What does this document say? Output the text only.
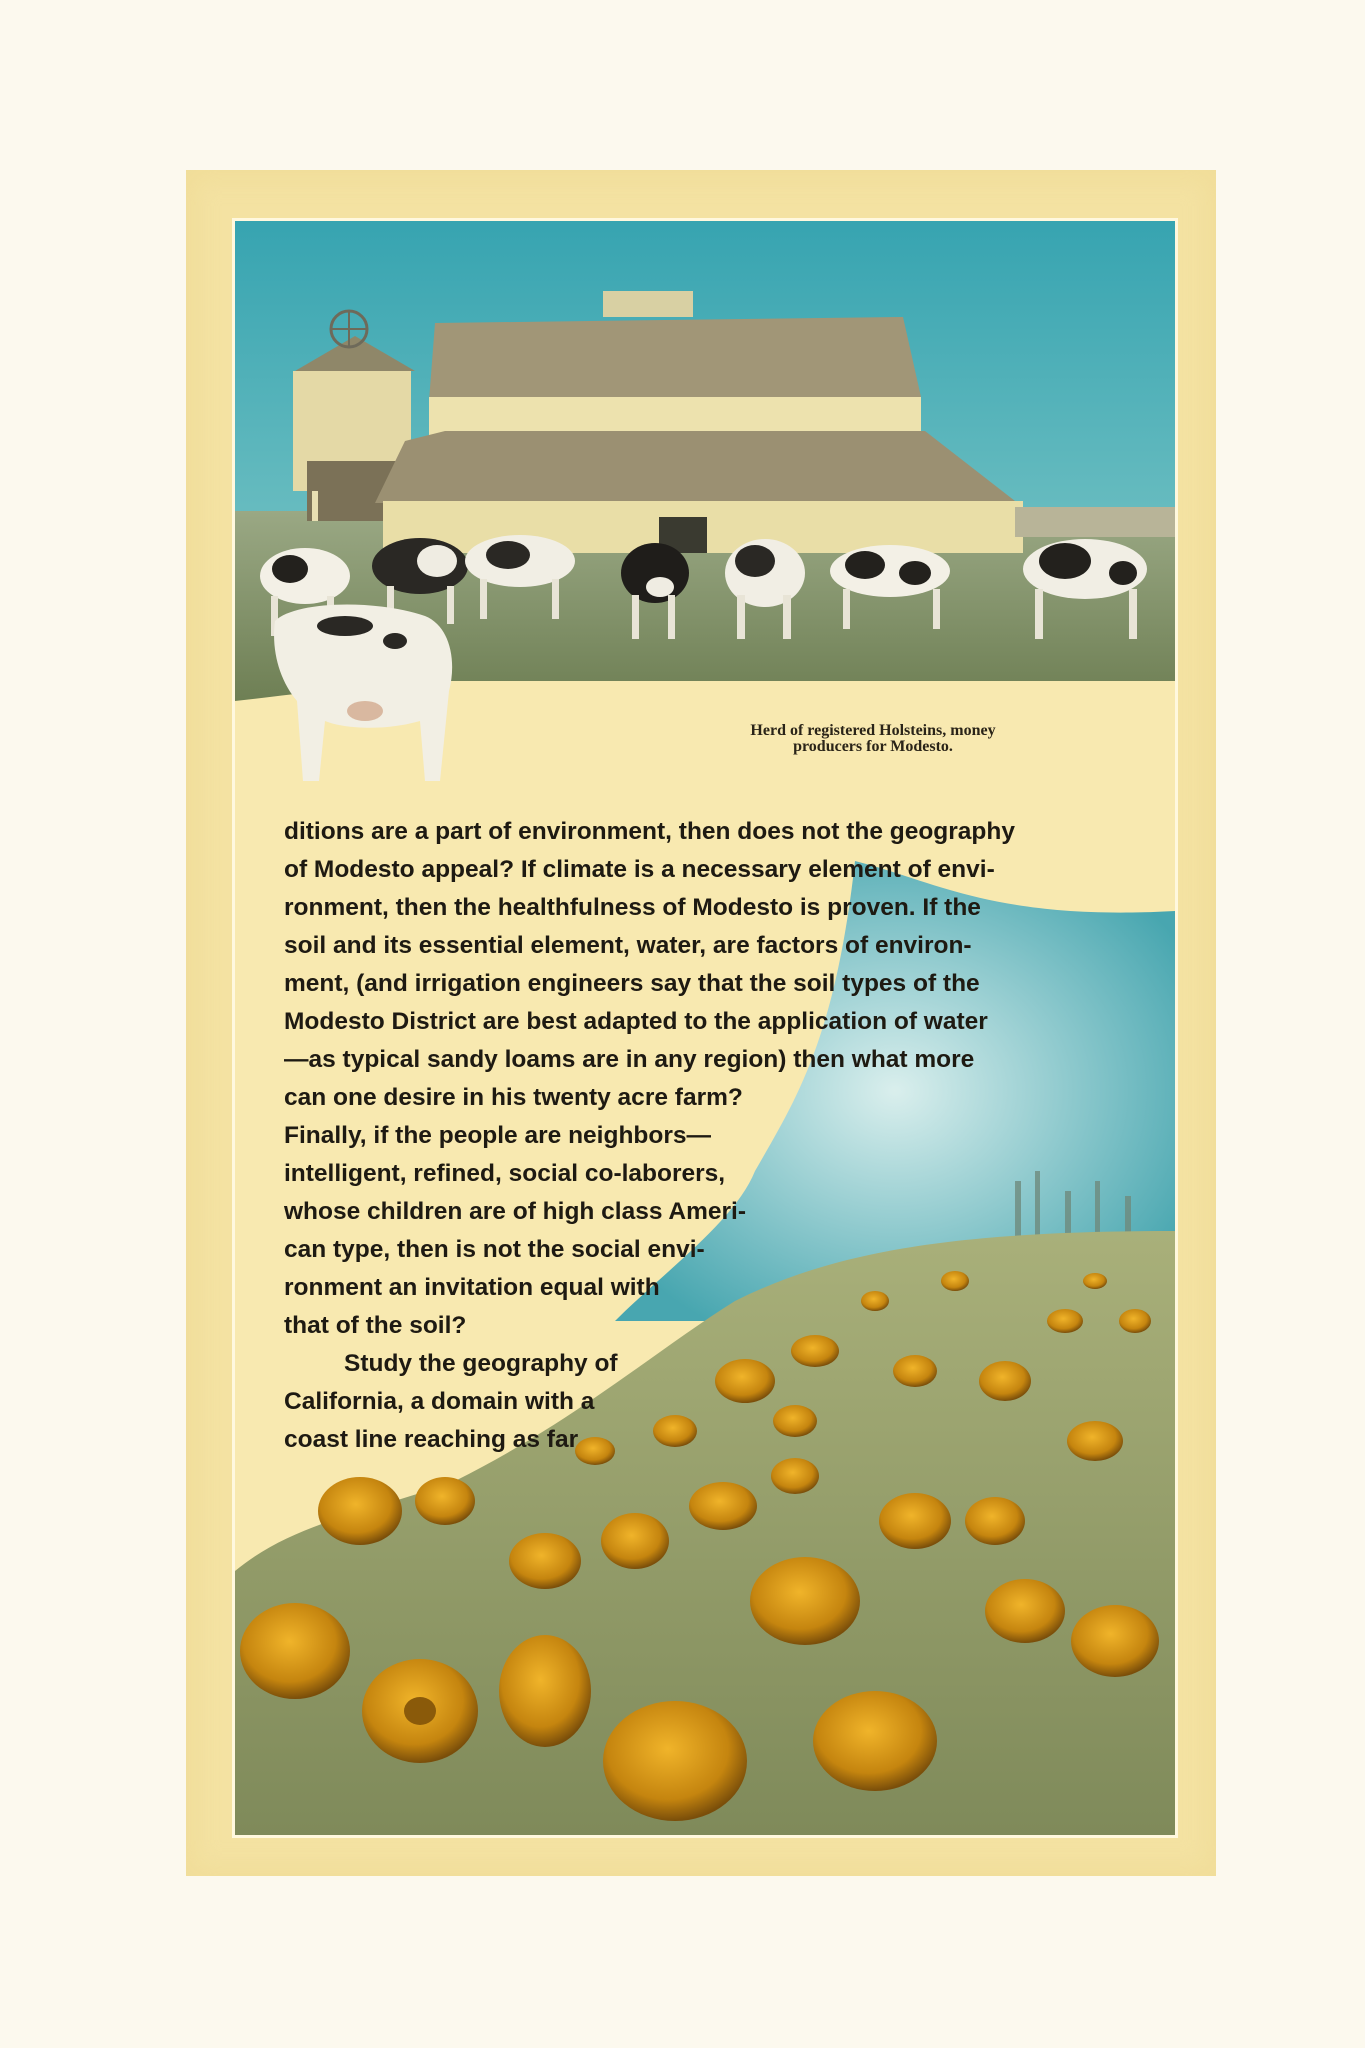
Herd of registered Holsteins, money
producers for Modesto.
ditions are a part of environment, then does not the geography
of Modesto appeal? If climate is a necessary element of envi-
ronment, then the healthfulness of Modesto is proven. If the
soil and its essential element, water, are factors of environ-
ment, (and irrigation engineers say that the soil types of the
Modesto District are best adapted to the application of water
—as typical sandy loams are in any region) then what more
can one desire in his twenty acre farm?
Finally, if the people are neighbors—
intelligent, refined, social co-laborers,
whose children are of high class Ameri-
can type, then is not the social envi-
ronment an invitation equal with
that of the soil?
Study the geography of
California, a domain with a
coast line reaching as far
